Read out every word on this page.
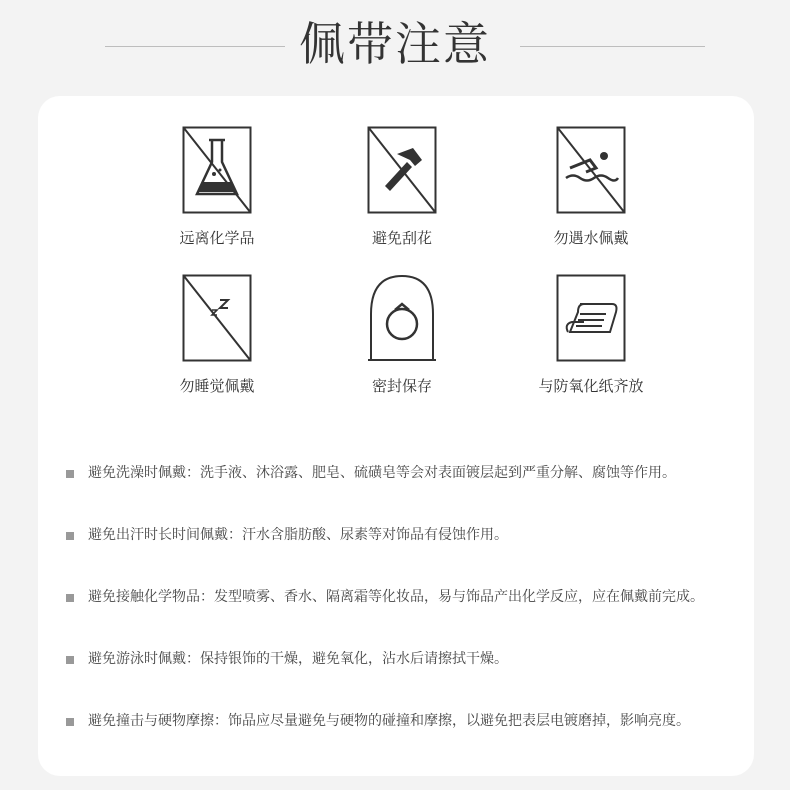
佩带注意
远离化学品	避免刮花	勿遇水佩戴
勿睡觉佩戴	密封保存	与防氧化纸齐放
避免洗澡时佩戴：洗手液、沐浴露、肥皂、硫磺皂等会对表面镀层起到严重分解、腐蚀等作用。
避免出汗时长时间佩戴：汗水含脂肪酸、尿素等对饰品有侵蚀作用。
避免接触化学物品：发型喷雾、香水、隔离霜等化妆品，易与饰品产出化学反应，应在佩戴前完成。
避免游泳时佩戴：保持银饰的干燥，避免氧化，沾水后请擦拭干燥。
避免撞击与硬物摩擦：饰品应尽量避免与硬物的碰撞和摩擦，以避免把表层电镀磨掉，影响亮度。
